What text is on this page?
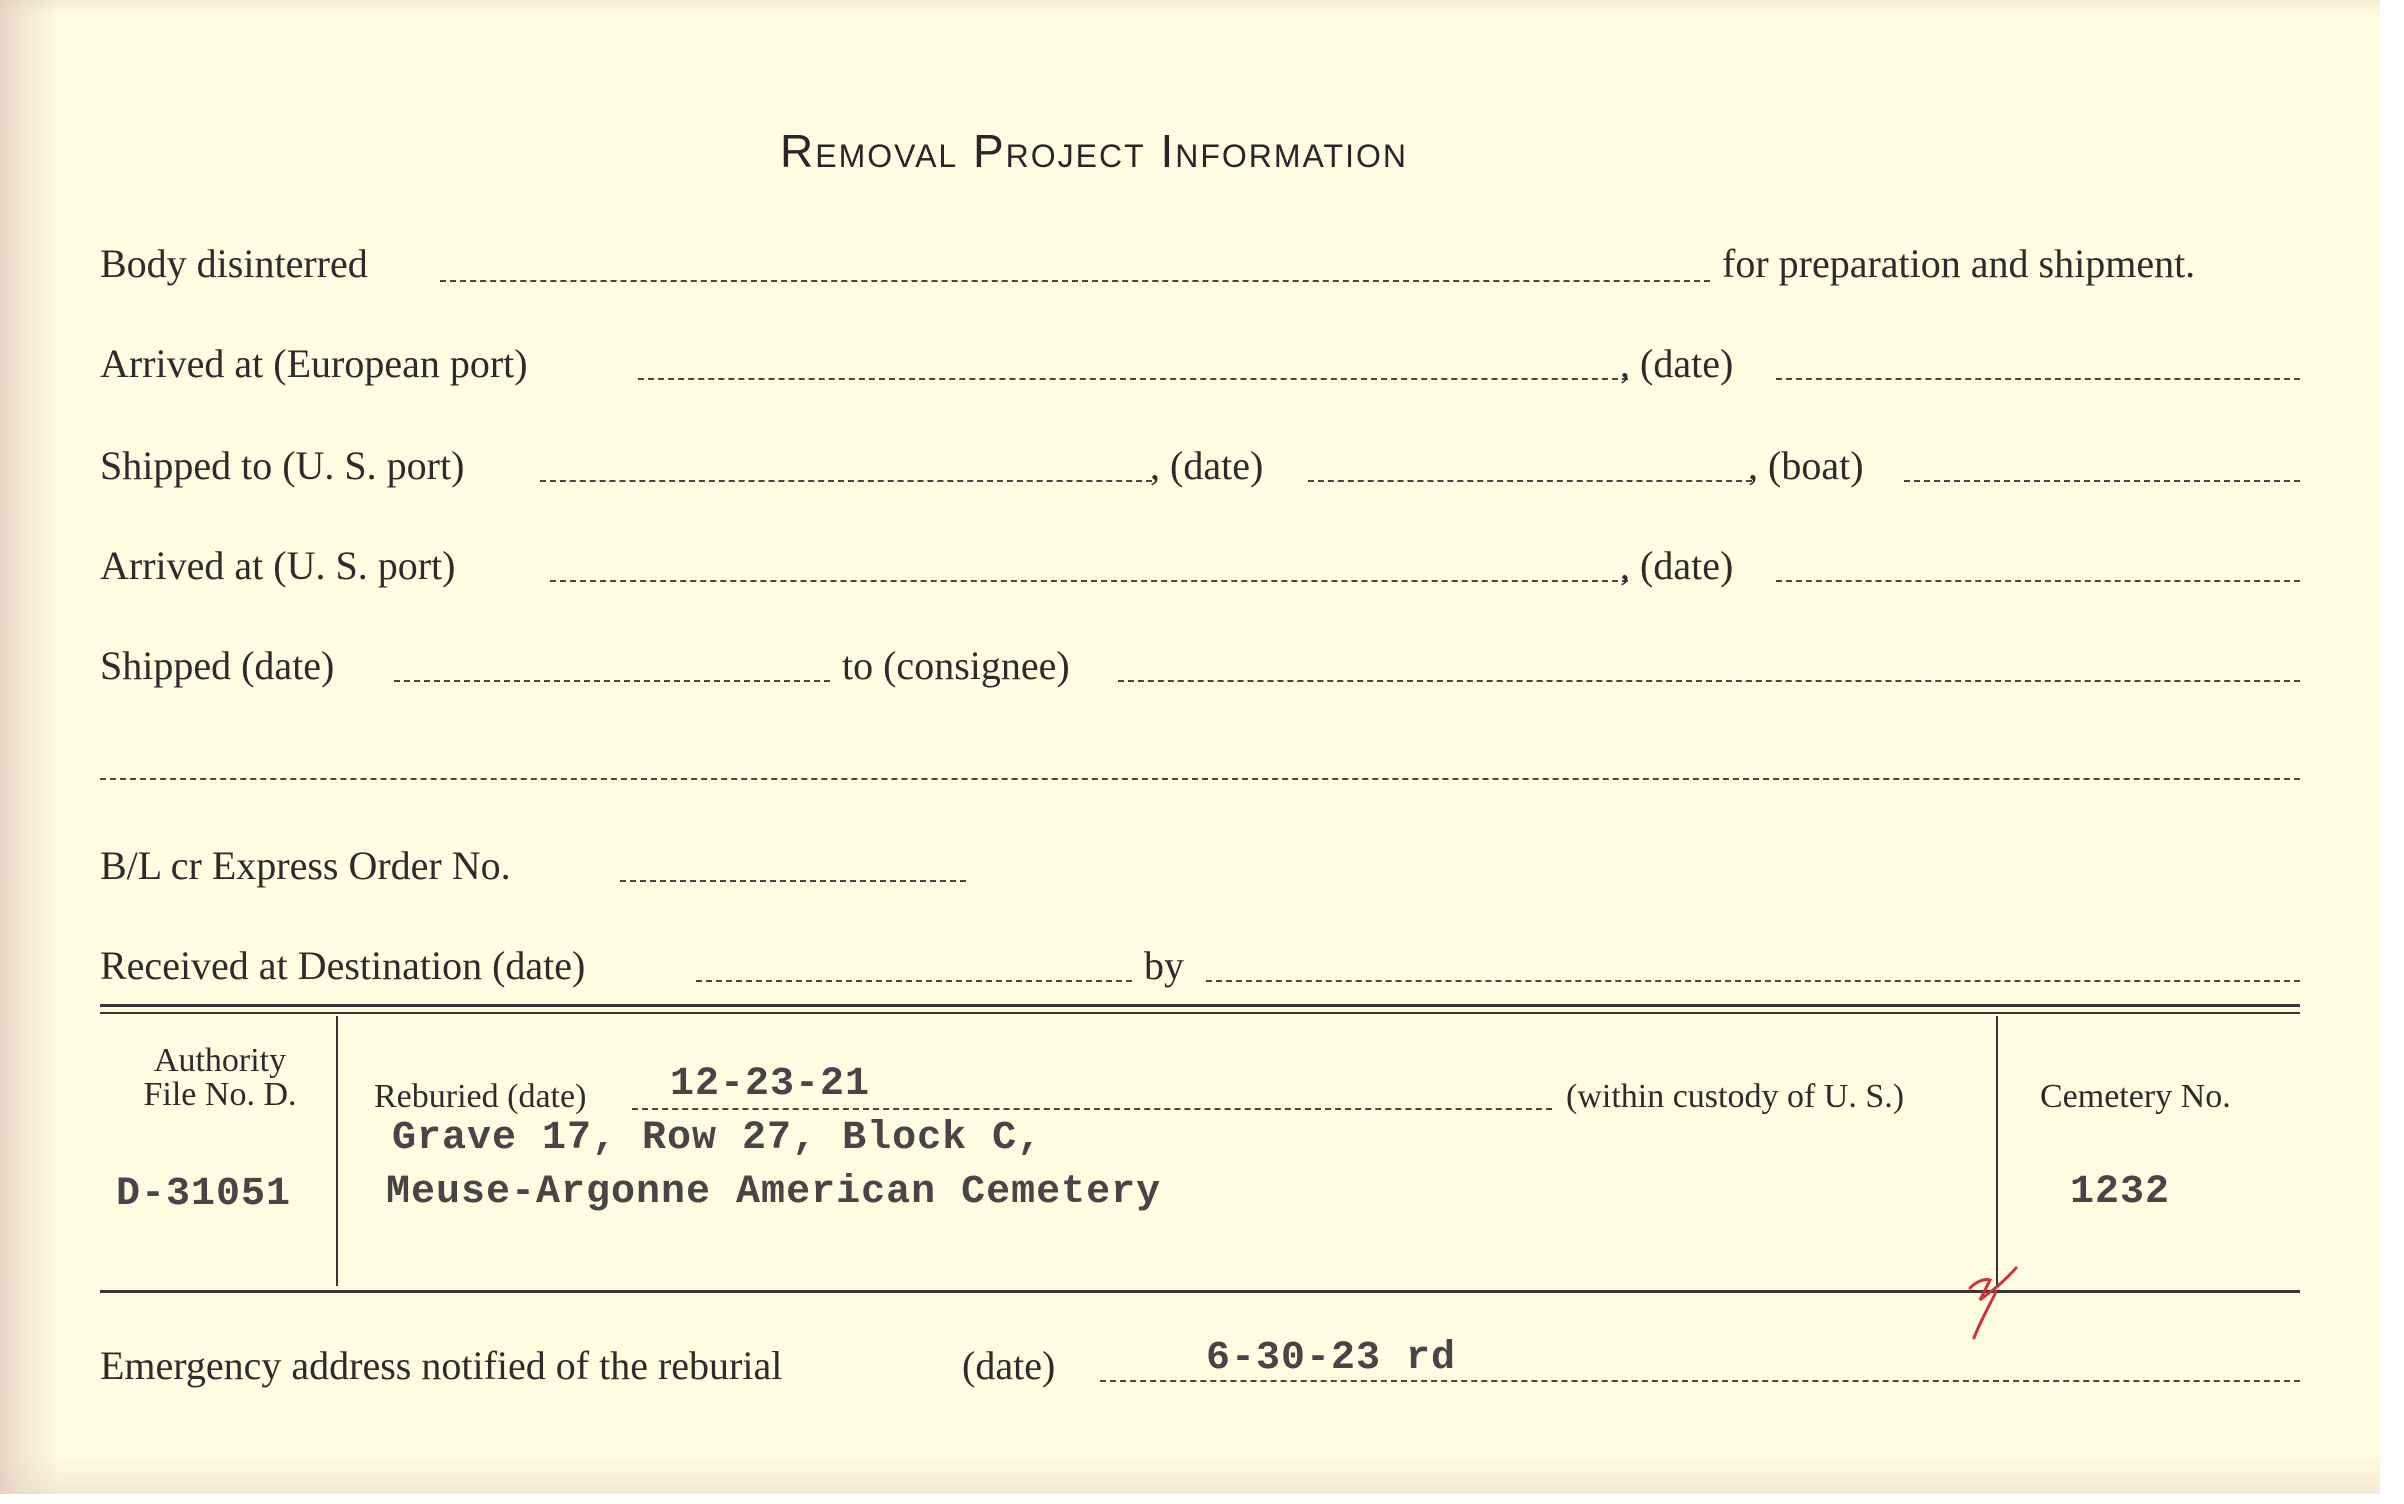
Removal Project Information
Body disinterred	for preparation and shipment.
Arrived at (European port)	, (date)
Shipped to (U. S. port)	, (date)	, (boat)
Arrived at (U. S. port)	, (date)
Shipped (date)	to (consignee)
B/L cr Express Order No.
Received at Destination (date)	by
Authority
File No. D.
D-31051
Reburied (date) 12-23-21	(within custody of U. S.)
Grave 17, Row 27, Block C,
Meuse-Argonne American Cemetery
Cemetery No.
1232
Emergency address notified of the reburial	(date)	6-30-23 rd
